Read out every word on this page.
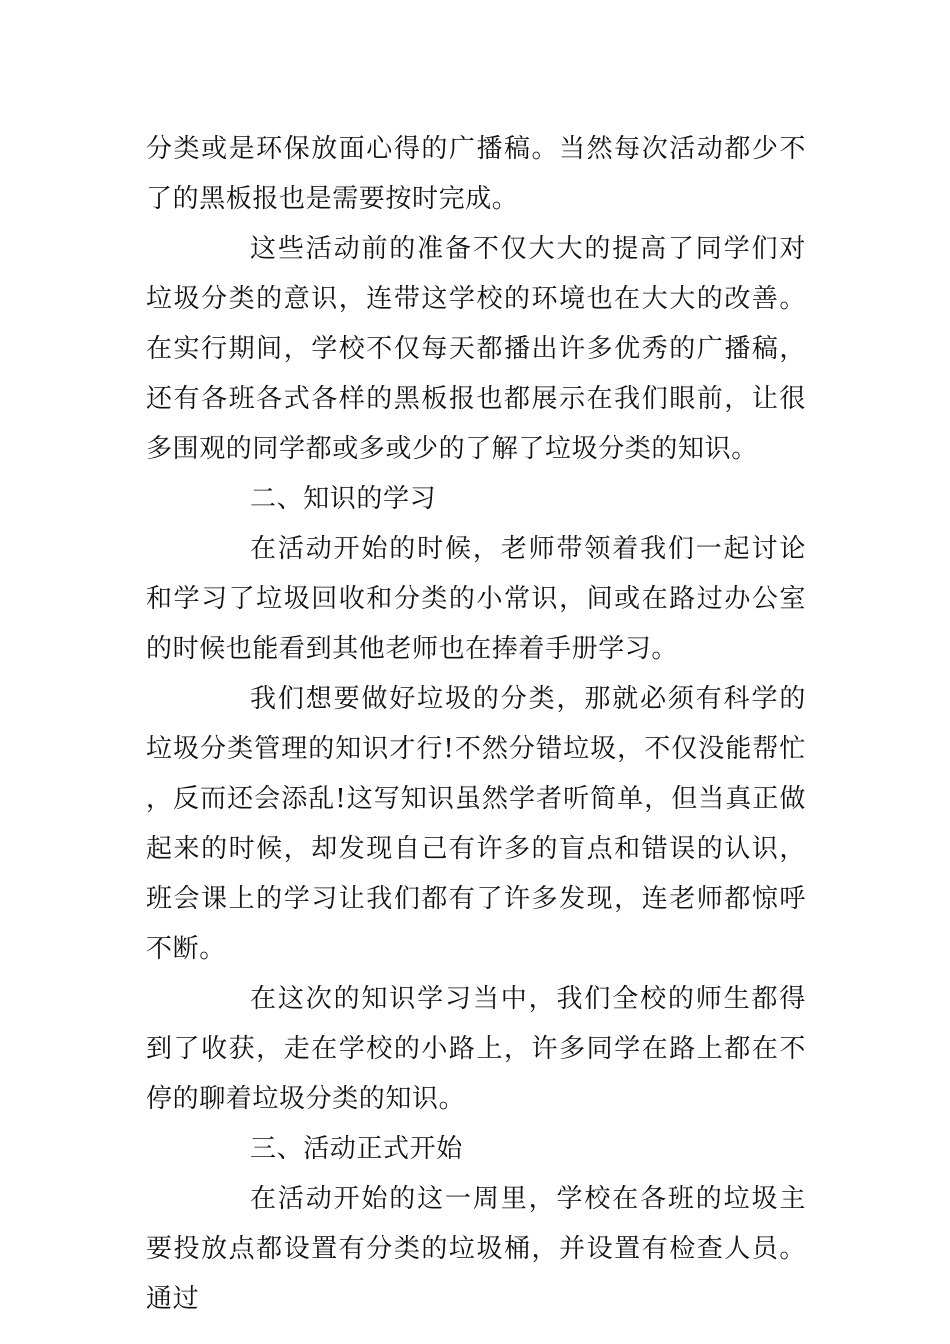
分类或是环保放面心得的广播稿。当然每次活动都少不了的黑板报也是需要按时完成。

这些活动前的准备不仅大大的提高了同学们对垃圾分类的意识，连带这学校的环境也在大大的改善。在实行期间，学校不仅每天都播出许多优秀的广播稿，还有各班各式各样的黑板报也都展示在我们眼前，让很多围观的同学都或多或少的了解了垃圾分类的知识。

二、知识的学习

在活动开始的时候，老师带领着我们一起讨论和学习了垃圾回收和分类的小常识，间或在路过办公室的时候也能看到其他老师也在捧着手册学习。

我们想要做好垃圾的分类，那就必须有科学的垃圾分类管理的知识才行!不然分错垃圾，不仅没能帮忙，反而还会添乱!这写知识虽然学者听简单，但当真正做起来的时候，却发现自己有许多的盲点和错误的认识，班会课上的学习让我们都有了许多发现，连老师都惊呼不断。

在这次的知识学习当中，我们全校的师生都得到了收获，走在学校的小路上，许多同学在路上都在不停的聊着垃圾分类的知识。

三、活动正式开始

在活动开始的这一周里，学校在各班的垃圾主要投放点都设置有分类的垃圾桶，并设置有检查人员。通过
